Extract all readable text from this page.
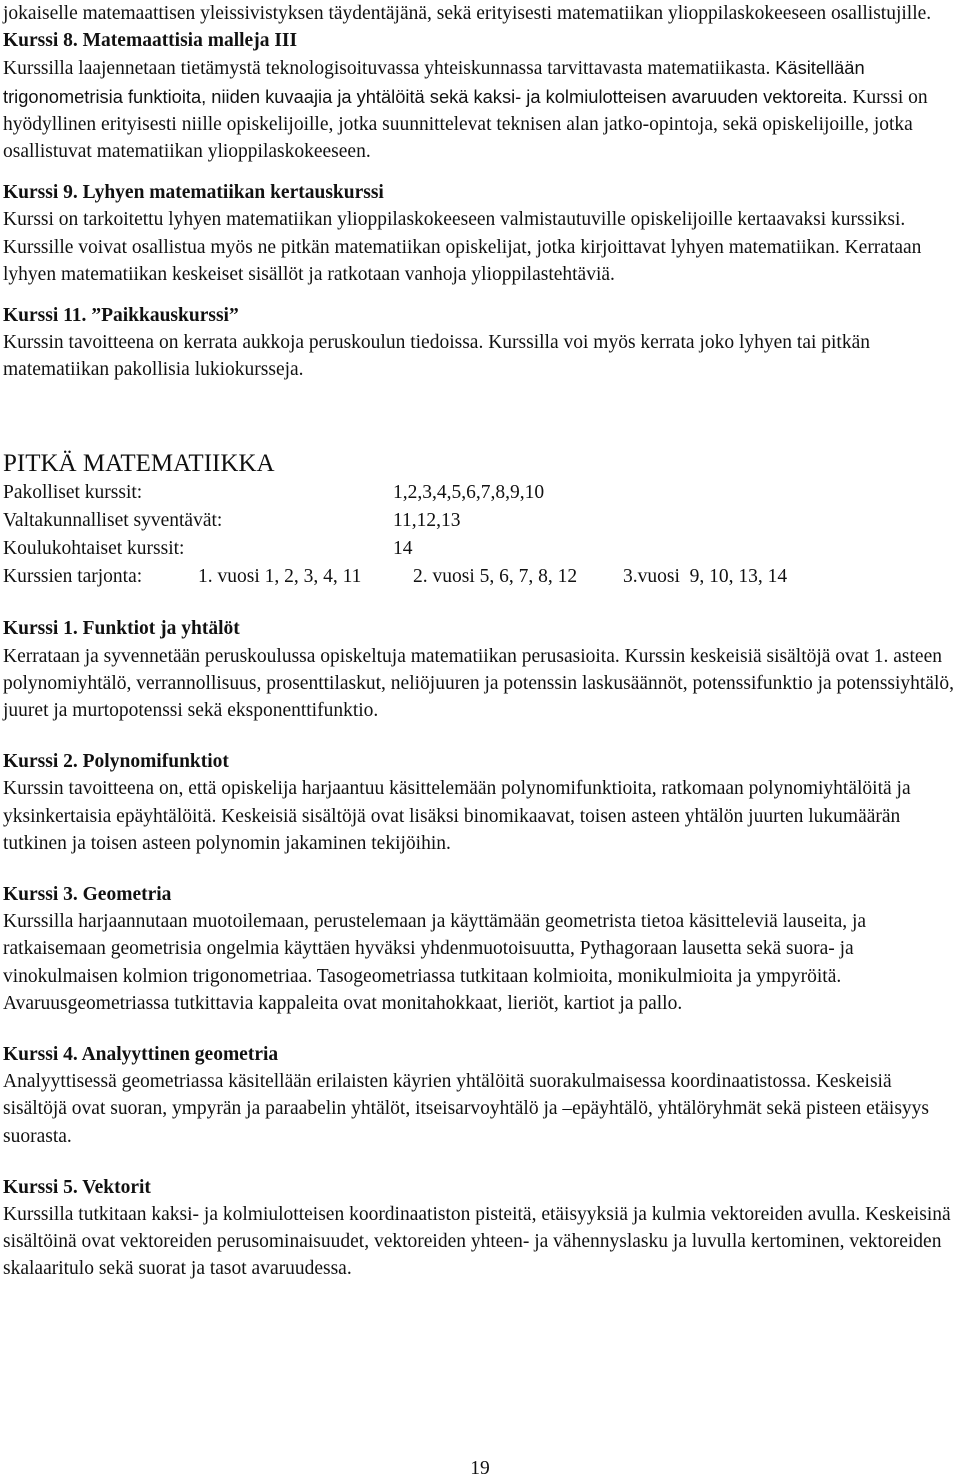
jokaiselle matemaattisen yleissivistyksen täydentäjänä, sekä erityisesti matematiikan ylioppilaskokeeseen osallistujille.

Kurssi 8. Matemaattisia malleja III

Kurssilla laajennetaan tietämystä teknologisoituvassa yhteiskunnassa tarvittavasta matematiikasta. Käsitellään trigonometrisia funktioita, niiden kuvaajia ja yhtälöitä sekä kaksi- ja kolmiulotteisen avaruuden vektoreita. Kurssi on hyödyllinen erityisesti niille opiskelijoille, jotka suunnittelevat teknisen alan jatko-opintoja, sekä opiskelijoille, jotka osallistuvat matematiikan ylioppilaskokeeseen.

Kurssi 9. Lyhyen matematiikan kertauskurssi

Kurssi on tarkoitettu lyhyen matematiikan ylioppilaskokeeseen valmistautuville opiskelijoille kertaavaksi kurssiksi. Kurssille voivat osallistua myös ne pitkän matematiikan opiskelijat, jotka kirjoittavat lyhyen matematiikan. Kerrataan lyhyen matematiikan keskeiset sisällöt ja ratkotaan vanhoja ylioppilastehtäviä.

Kurssi 11. ”Paikkauskurssi”

Kurssin tavoitteena on kerrata aukkoja peruskoulun tiedoissa. Kurssilla voi myös kerrata joko lyhyen tai pitkän matematiikan pakollisia lukiokursseja.

PITKÄ MATEMATIIKKA

Pakolliset kurssit:	1,2,3,4,5,6,7,8,9,10
Valtakunnalliset syventävät:	11,12,13
Koulukohtaiset kurssit:	14
Kurssien tarjonta:	1. vuosi 1, 2, 3, 4, 11	2. vuosi 5, 6, 7, 8, 12 3.vuosi  9, 10, 13, 14

Kurssi 1. Funktiot ja yhtälöt

Kerrataan ja syvennetään peruskoulussa opiskeltuja matematiikan perusasioita. Kurssin keskeisiä sisältöjä ovat 1. asteen polynomiyhtälö, verrannollisuus, prosenttilaskut, neliöjuuren ja potenssin laskusäännöt, potenssifunktio ja potenssiyhtälö, juuret ja murtopotenssi sekä eksponenttifunktio.

Kurssi 2. Polynomifunktiot

Kurssin tavoitteena on, että opiskelija harjaantuu käsittelemään polynomifunktioita, ratkomaan polynomiyhtälöitä ja yksinkertaisia epäyhtälöitä. Keskeisiä sisältöjä ovat lisäksi binomikaavat, toisen asteen yhtälön juurten lukumäärän tutkinen ja toisen asteen polynomin jakaminen tekijöihin.

Kurssi 3. Geometria

Kurssilla harjaannutaan muotoilemaan, perustelemaan ja käyttämään geometrista tietoa käsitteleviä lauseita, ja ratkaisemaan geometrisia ongelmia käyttäen hyväksi yhdenmuotoisuutta, Pythagoraan lausetta sekä suora- ja vinokulmaisen kolmion trigonometriaa. Tasogeometriassa tutkitaan kolmioita, monikulmioita ja ympyröitä. Avaruusgeometriassa tutkittavia kappaleita ovat monitahokkaat, lieriöt, kartiot ja pallo.

Kurssi 4. Analyyttinen geometria

Analyyttisessä geometriassa käsitellään erilaisten käyrien yhtälöitä suorakulmaisessa koordinaatistossa. Keskeisiä sisältöjä ovat suoran, ympyrän ja paraabelin yhtälöt, itseisarvoyhtälö ja –epäyhtälö, yhtälöryhmät sekä pisteen etäisyys suorasta.

Kurssi 5. Vektorit

Kurssilla tutkitaan kaksi- ja kolmiulotteisen koordinaatiston pisteitä, etäisyyksiä ja kulmia vektoreiden avulla. Keskeisinä sisältöinä ovat vektoreiden perusominaisuudet, vektoreiden yhteen- ja vähennyslasku ja luvulla kertominen, vektoreiden skalaaritulo sekä suorat ja tasot avaruudessa.

19
